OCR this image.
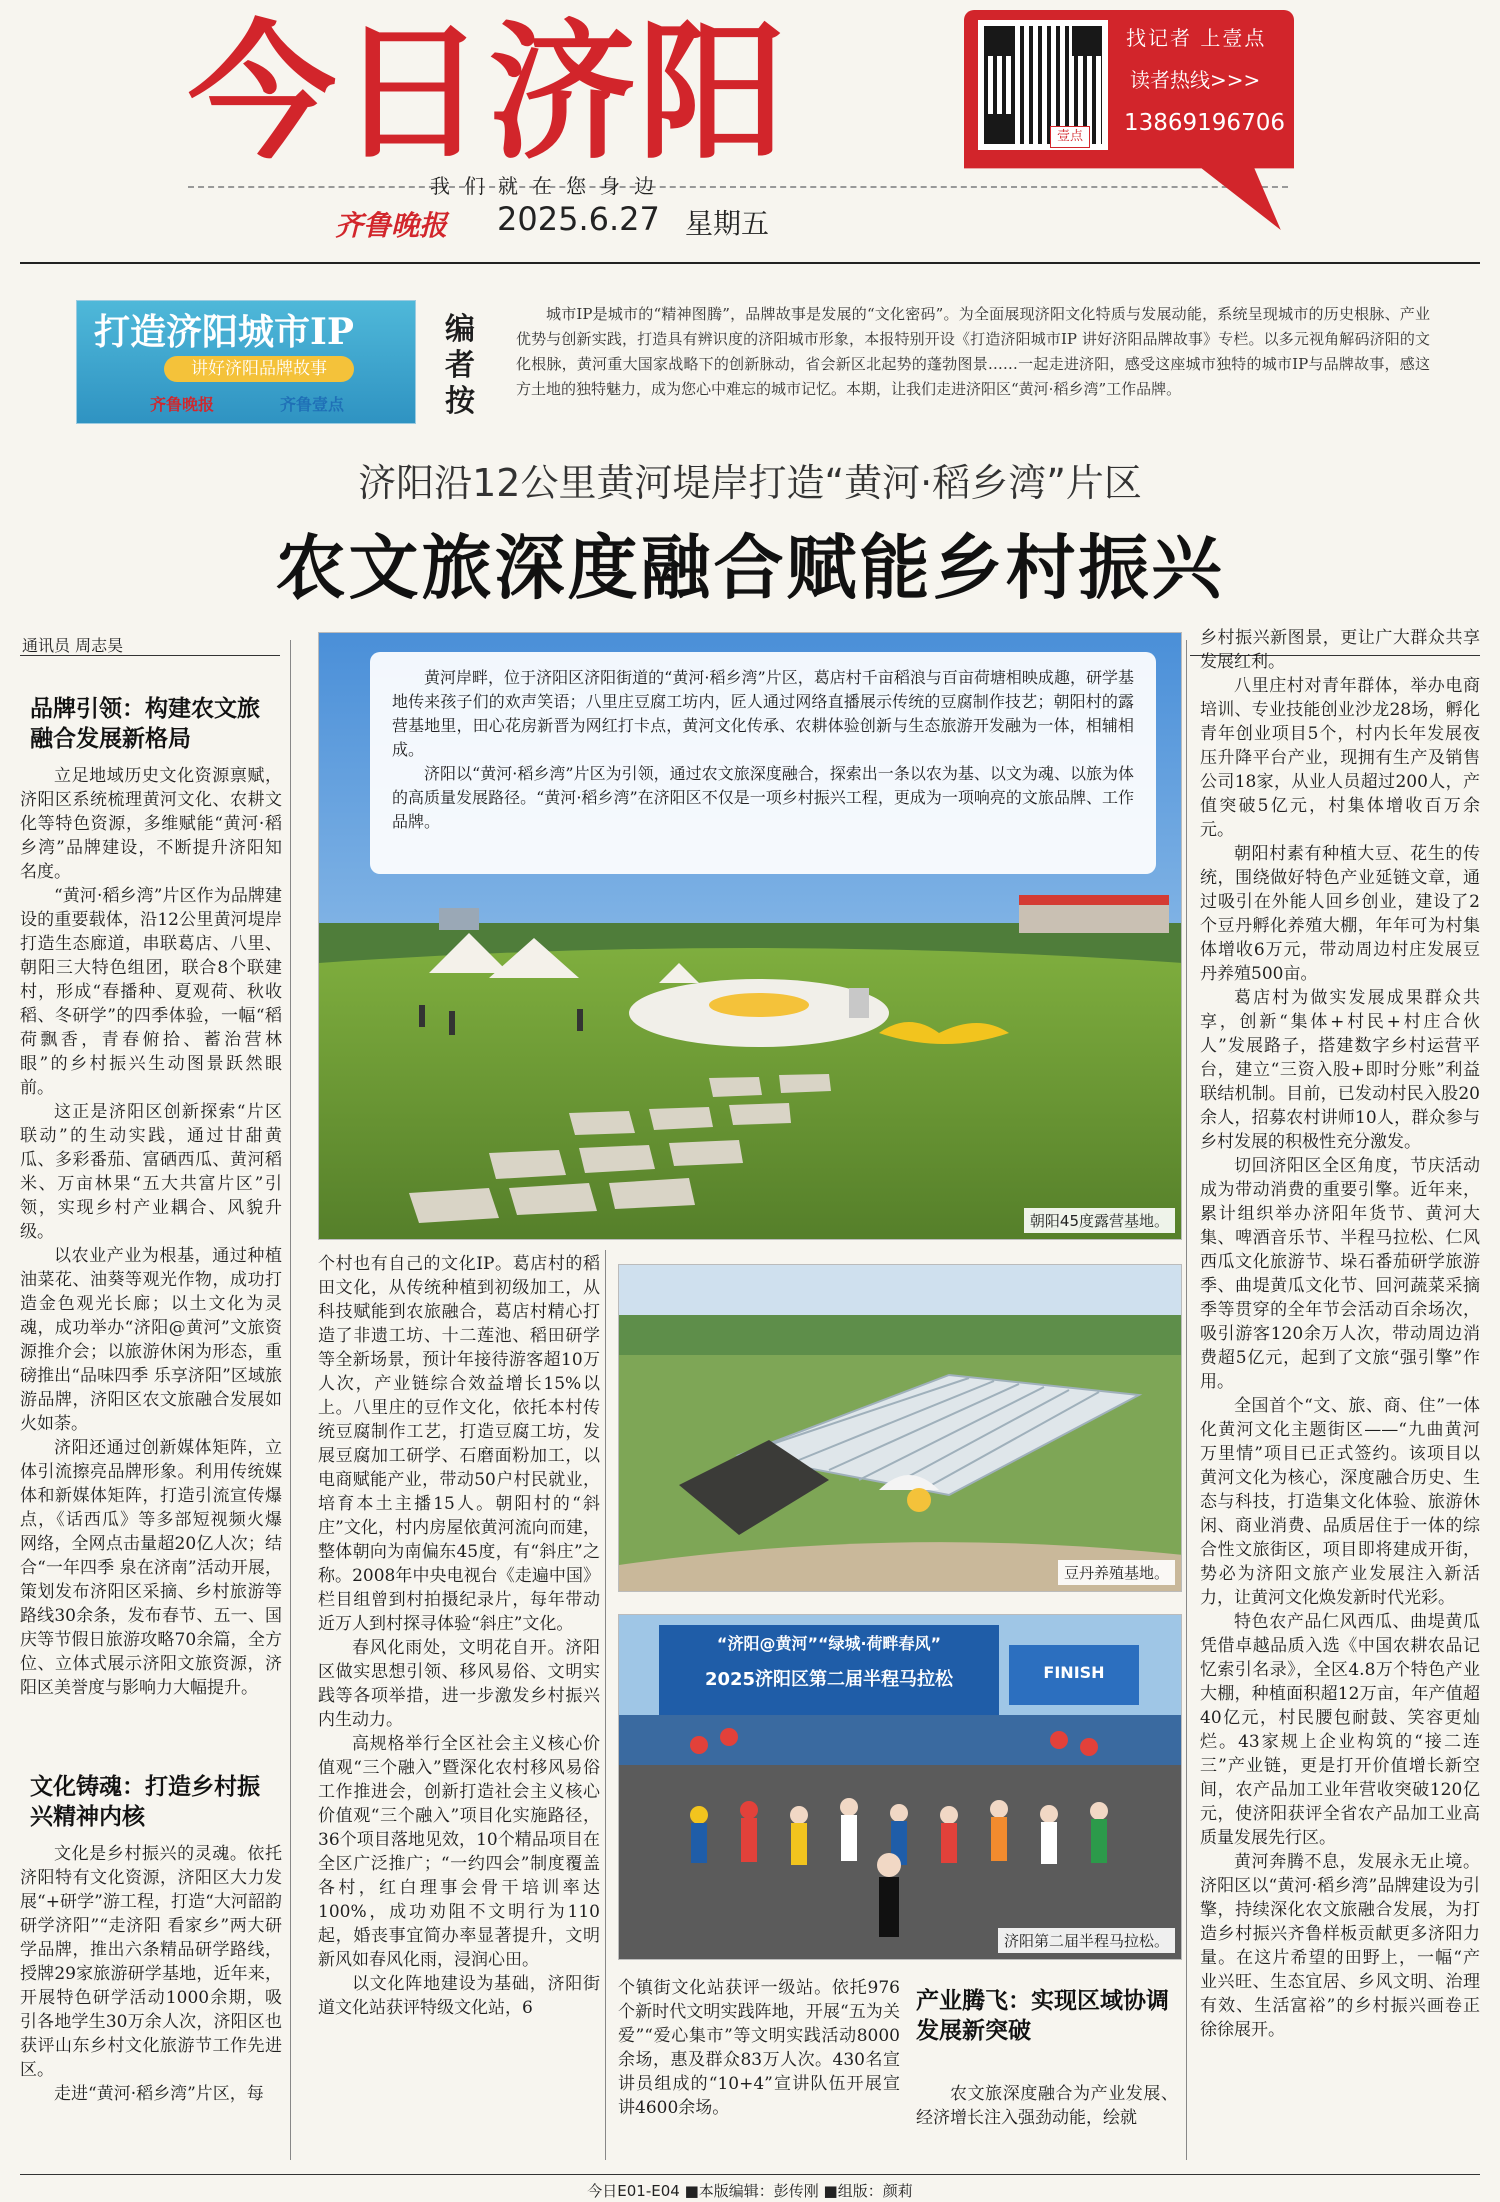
今日济阳
我们就在您身边
齐鲁晚报 2025.6.27 星期五
壹点
找记者 上壹点
读者热线>>>
13869196706
打造济阳城市IP
讲好济阳品牌故事
齐鲁晚报	齐鲁壹点
编者按
城市IP是城市的“精神图腾”，品牌故事是发展的“文化密码”。为全面展现济阳文化特质与发展动能，系统呈现城市的历史根脉、产业优势与创新实践，打造具有辨识度的济阳城市形象，本报特别开设《打造济阳城市IP 讲好济阳品牌故事》专栏。以多元视角解码济阳的文化根脉，黄河重大国家战略下的创新脉动，省会新区北起势的蓬勃图景……一起走进济阳，感受这座城市独特的城市IP与品牌故事，感这方土地的独特魅力，成为您心中难忘的城市记忆。本期，让我们走进济阳区“黄河·稻乡湾”工作品牌。
济阳沿12公里黄河堤岸打造“黄河·稻乡湾”片区
农文旅深度融合赋能乡村振兴
通讯员 周志昊
品牌引领：构建农文旅融合发展新格局

立足地域历史文化资源禀赋，济阳区系统梳理黄河文化、农耕文化等特色资源，多维赋能“黄河·稻乡湾”品牌建设，不断提升济阳知名度。

“黄河·稻乡湾”片区作为品牌建设的重要载体，沿12公里黄河堤岸打造生态廊道，串联葛店、八里、朝阳三大特色组团，联合8个联建村，形成“春播种、夏观荷、秋收稻、冬研学”的四季体验，一幅“稻荷飘香，青春俯拾、蓄治营林眼”的乡村振兴生动图景跃然眼前。

这正是济阳区创新探索“片区联动”的生动实践，通过甘甜黄瓜、多彩番茄、富硒西瓜、黄河稻米、万亩林果“五大共富片区”引领，实现乡村产业耦合、风貌升级。

以农业产业为根基，通过种植油菜花、油葵等观光作物，成功打造金色观光长廊；以土文化为灵魂，成功举办“济阳@黄河”文旅资源推介会；以旅游休闲为形态，重磅推出“品味四季 乐享济阳”区域旅游品牌，济阳区农文旅融合发展如火如荼。

济阳还通过创新媒体矩阵，立体引流擦亮品牌形象。利用传统媒体和新媒体矩阵，打造引流宣传爆点，《话西瓜》等多部短视频火爆网络，全网点击量超20亿人次；结合“一年四季 泉在济南”活动开展，策划发布济阳区采摘、乡村旅游等路线30余条，发布春节、五一、国庆等节假日旅游攻略70余篇，全方位、立体式展示济阳文旅资源，济阳区美誉度与影响力大幅提升。

文化铸魂：打造乡村振兴精神内核

文化是乡村振兴的灵魂。依托济阳特有文化资源，济阳区大力发展“+研学”游工程，打造“大河韶韵 研学济阳”“走济阳 看家乡”两大研学品牌，推出六条精品研学路线，授牌29家旅游研学基地，近年来，开展特色研学活动1000余期，吸引各地学生30万余人次，济阳区也获评山东乡村文化旅游节工作先进区。

走进“黄河·稻乡湾”片区，每

朝阳45度露营基地。

黄河岸畔，位于济阳区济阳街道的“黄河·稻乡湾”片区，葛店村千亩稻浪与百亩荷塘相映成趣，研学基地传来孩子们的欢声笑语；八里庄豆腐工坊内，匠人通过网络直播展示传统的豆腐制作技艺；朝阳村的露营基地里，田心花房新晋为网红打卡点，黄河文化传承、农耕体验创新与生态旅游开发融为一体，相辅相成。

济阳以“黄河·稻乡湾”片区为引领，通过农文旅深度融合，探索出一条以农为基、以文为魂、以旅为体的高质量发展路径。“黄河·稻乡湾”在济阳区不仅是一项乡村振兴工程，更成为一项响亮的文旅品牌、工作品牌。

个村也有自己的文化IP。葛店村的稻田文化，从传统种植到初级加工，从科技赋能到农旅融合，葛店村精心打造了非遗工坊、十二莲池、稻田研学等全新场景，预计年接待游客超10万人次，产业链综合效益增长15%以上。八里庄的豆作文化，依托本村传统豆腐制作工艺，打造豆腐工坊，发展豆腐加工研学、石磨面粉加工，以电商赋能产业，带动50户村民就业，培育本土主播15人。朝阳村的“斜庄”文化，村内房屋依黄河流向而建，整体朝向为南偏东45度，有“斜庄”之称。2008年中央电视台《走遍中国》栏目组曾到村拍摄纪录片，每年带动近万人到村探寻体验“斜庄”文化。

春风化雨处，文明花自开。济阳区做实思想引领、移风易俗、文明实践等各项举措，进一步激发乡村振兴内生动力。

高规格举行全区社会主义核心价值观“三个融入”暨深化农村移风易俗工作推进会，创新打造社会主义核心价值观“三个融入”项目化实施路径，36个项目落地见效，10个精品项目在全区广泛推广；“一约四会”制度覆盖各村，红白理事会骨干培训率达100%，成功劝阻不文明行为110起，婚丧事宜简办率显著提升，文明新风如春风化雨，浸润心田。

以文化阵地建设为基础，济阳街道文化站获评特级文化站，6

豆丹养殖基地。
“济阳@黄河”“绿城·荷畔春风”
2025济阳区第二届半程马拉松	FINISH
济阳第二届半程马拉松。

个镇街文化站获评一级站。依托976个新时代文明实践阵地，开展“五为关爱”“爱心集市”等文明实践活动8000余场，惠及群众83万人次。430名宣讲员组成的“10+4”宣讲队伍开展宣讲4600余场。

产业腾飞：实现区域协调发展新突破

农文旅深度融合为产业发展、经济增长注入强劲动能，绘就

乡村振兴新图景，更让广大群众共享发展红利。

八里庄村对青年群体，举办电商培训、专业技能创业沙龙28场，孵化青年创业项目5个，村内长年发展夜压升降平台产业，现拥有生产及销售公司18家，从业人员超过200人，产值突破5亿元，村集体增收百万余元。

朝阳村素有种植大豆、花生的传统，围绕做好特色产业延链文章，通过吸引在外能人回乡创业，建设了2个豆丹孵化养殖大棚，年年可为村集体增收6万元，带动周边村庄发展豆丹养殖500亩。

葛店村为做实发展成果群众共享，创新“集体+村民+村庄合伙人”发展路子，搭建数字乡村运营平台，建立“三资入股+即时分账”利益联结机制。目前，已发动村民入股20余人，招募农村讲师10人，群众参与乡村发展的积极性充分激发。

切回济阳区全区角度，节庆活动成为带动消费的重要引擎。近年来，累计组织举办济阳年货节、黄河大集、啤酒音乐节、半程马拉松、仁风西瓜文化旅游节、垛石番茄研学旅游季、曲堤黄瓜文化节、回河蔬菜采摘季等贯穿的全年节会活动百余场次，吸引游客120余万人次，带动周边消费超5亿元，起到了文旅“强引擎”作用。

全国首个“文、旅、商、住”一体化黄河文化主题街区——“九曲黄河万里情”项目已正式签约。该项目以黄河文化为核心，深度融合历史、生态与科技，打造集文化体验、旅游休闲、商业消费、品质居住于一体的综合性文旅街区，项目即将建成开街，势必为济阳文旅产业发展注入新活力，让黄河文化焕发新时代光彩。

特色农产品仁风西瓜、曲堤黄瓜凭借卓越品质入选《中国农耕农品记忆索引名录》，全区4.8万个特色产业大棚，种植面积超12万亩，年产值超40亿元，村民腰包耐鼓、笑容更灿烂。43家规上企业构筑的“接二连三”产业链，更是打开价值增长新空间，农产品加工业年营收突破120亿元，使济阳获评全省农产品加工业高质量发展先行区。

黄河奔腾不息，发展永无止境。济阳区以“黄河·稻乡湾”品牌建设为引擎，持续深化农文旅融合发展，为打造乡村振兴齐鲁样板贡献更多济阳力量。在这片希望的田野上，一幅“产业兴旺、生态宜居、乡风文明、治理有效、生活富裕”的乡村振兴画卷正徐徐展开。

今日E01-E04 ■本版编辑：彭传刚 ■组版：颜莉
